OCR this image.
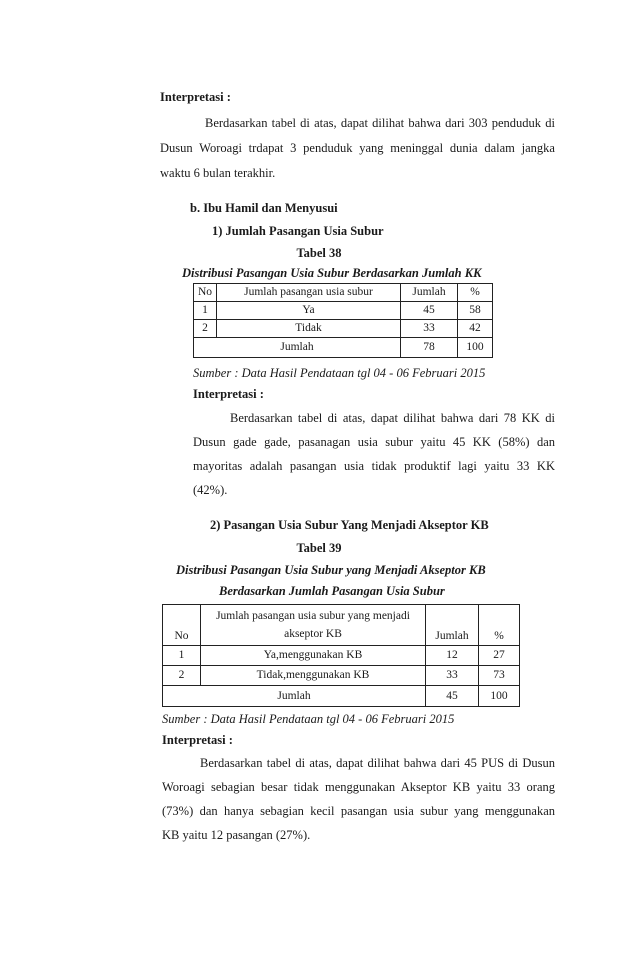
Interpretasi :
Berdasarkan tabel di atas, dapat dilihat bahwa dari 303 penduduk di
Dusun Woroagi trdapat 3 penduduk yang meninggal dunia dalam jangka
waktu 6 bulan terakhir.
b. Ibu Hamil dan Menyusui
1) Jumlah Pasangan Usia Subur
Tabel 38
Distribusi Pasangan Usia Subur Berdasarkan Jumlah KK
No	Jumlah pasangan usia subur	Jumlah	%
1	Ya	45	58
2	Tidak	33	42
Jumlah		78	100
Sumber : Data Hasil Pendataan tgl 04 - 06 Februari 2015
Interpretasi :
Berdasarkan tabel di atas, dapat dilihat bahwa dari 78 KK di
Dusun gade gade, pasanagan usia subur yaitu 45 KK (58%) dan
mayoritas adalah pasangan usia tidak produktif lagi yaitu 33 KK
(42%).
2) Pasangan Usia Subur Yang Menjadi Akseptor KB
Tabel 39
Distribusi Pasangan Usia Subur yang Menjadi Akseptor KB
Berdasarkan Jumlah Pasangan Usia Subur
No	Jumlah pasangan usia subur yang menjadi
akseptor KB	Jumlah	%
1	Ya,menggunakan KB	12	27
2	Tidak,menggunakan KB	33	73
Jumlah		45	100
Sumber : Data Hasil Pendataan tgl 04 - 06 Februari 2015
Interpretasi :
Berdasarkan tabel di atas, dapat dilihat bahwa dari 45 PUS di Dusun
Woroagi sebagian besar tidak menggunakan Akseptor KB yaitu 33 orang
(73%) dan hanya sebagian kecil pasangan usia subur yang menggunakan
KB yaitu 12 pasangan (27%).
